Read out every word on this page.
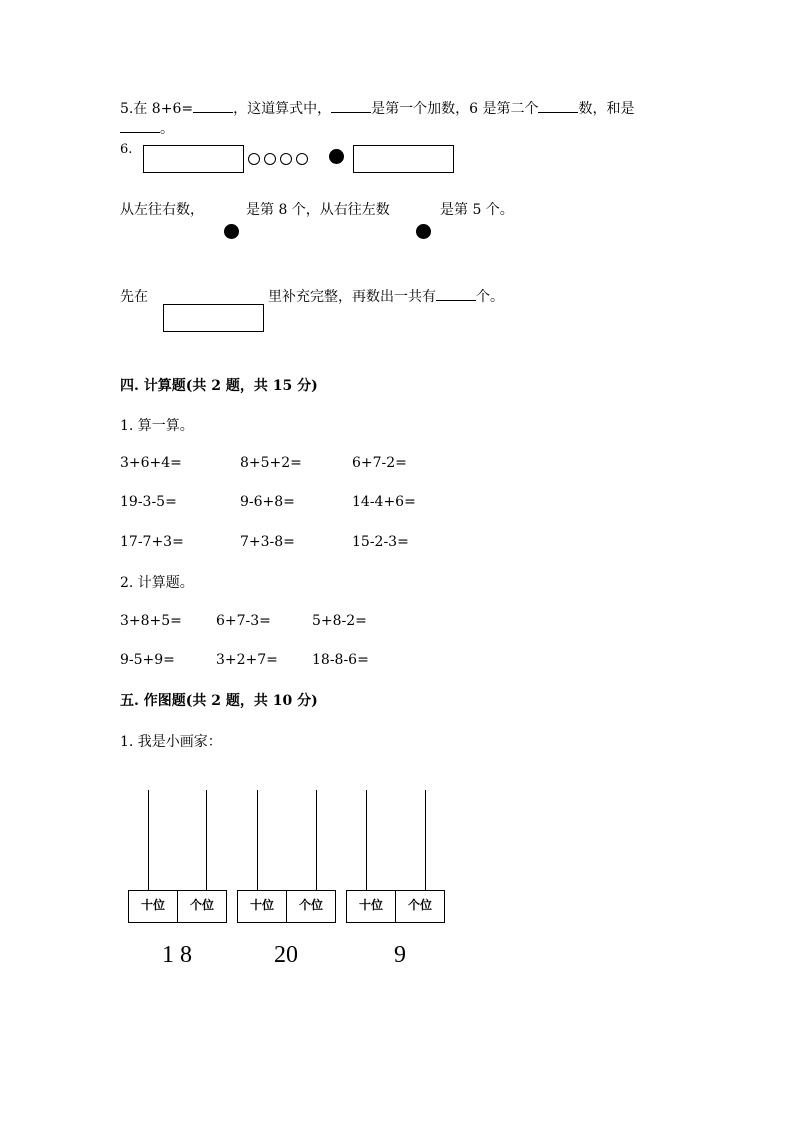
5.在 8+6=	，这道算式中，	是第一个加数，6 是第二个	数，和是
。
6.
从左往右数，	是第 8 个，从右往左数	是第 5 个。
先在	里补充完整，再数出一共有	个。
四. 计算题(共 2 题，共 15 分)
1. 算一算。
3+6+4=	8+5+2=	6+7-2=
19-3-5=	9-6+8=	14-4+6=
17-7+3=	7+3-8=	15-2-3=
2. 计算题。
3+8+5= 6+7-3=	5+8-2=
9-5+9=	3+2+7= 18-8-6=
五. 作图题(共 2 题，共 10 分)
1. 我是小画家：
十位	个位
1 8
十位	个位
20
十位	个位
9
